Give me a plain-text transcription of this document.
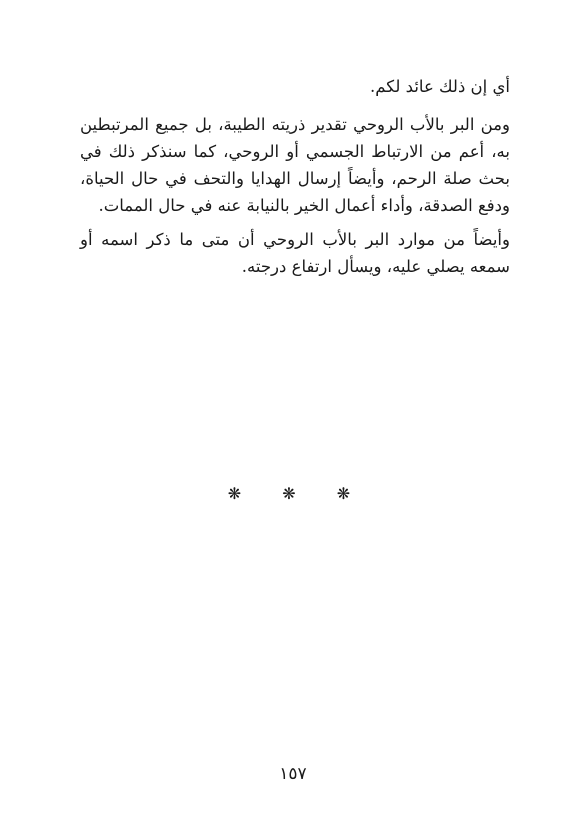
أي إن ذلك عائد لكم.

ومن البر بالأب الروحي تقدير ذريته الطيبة، بل جميع المرتبطين به، أعم من الارتباط الجسمي أو الروحي، كما سنذكر ذلك في بحث صلة الرحم، وأيضاً إرسال الهدايا والتحف في حال الحياة، ودفع الصدقة، وأداء أعمال الخير بالنيابة عنه في حال الممات.

وأيضاً من موارد البر بالأب الروحي أن متى ما ذكر اسمه أو سمعه يصلي عليه، ويسأل ارتفاع درجته.

❋ ❋ ❋
١٥٧
